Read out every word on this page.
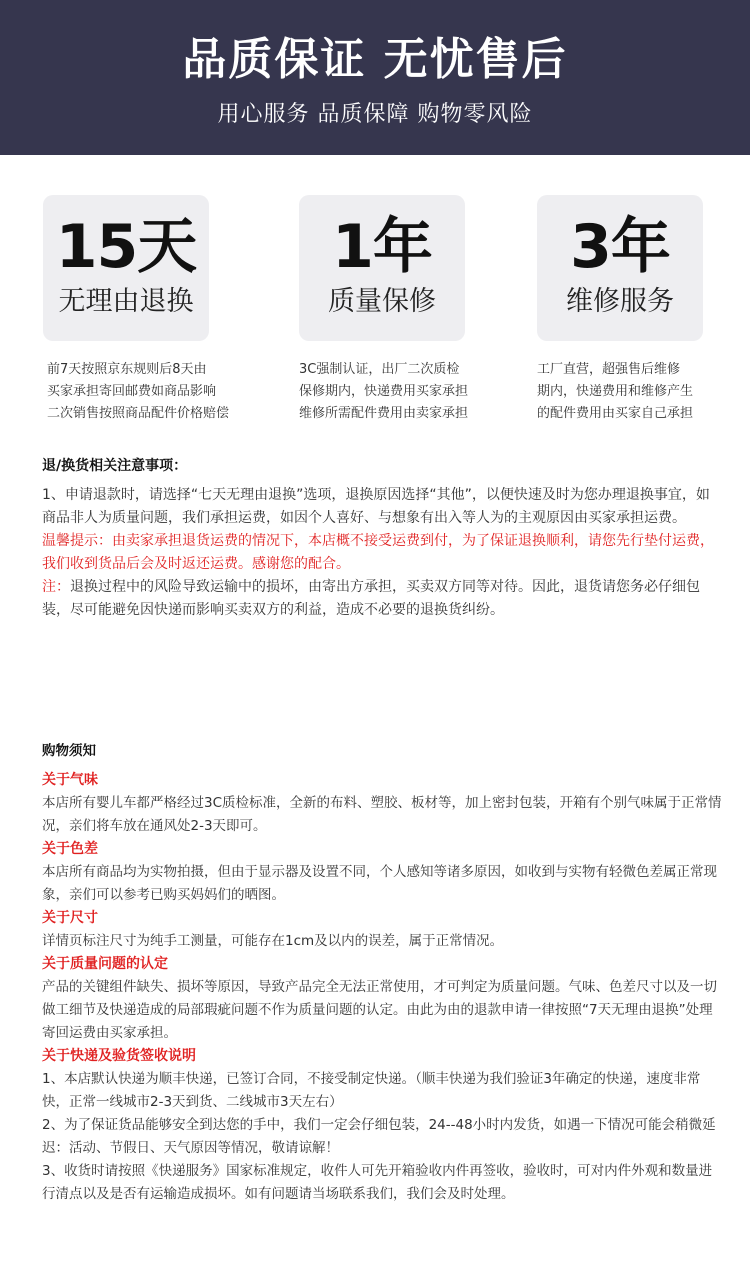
品质保证 无忧售后
用心服务 品质保障 购物零风险
15天
无理由退换
1年
质量保修
3年
维修服务
前7天按照京东规则后8天由
买家承担寄回邮费如商品影响
二次销售按照商品配件价格赔偿
3C强制认证，出厂二次质检
保修期内，快递费用买家承担
维修所需配件费用由卖家承担
工厂直营，超强售后维修
期内，快递费用和维修产生
的配件费用由买家自己承担
退/换货相关注意事项：

1、申请退款时，请选择“七天无理由退换”选项，退换原因选择“其他”，以便快速及时为您办理退换事宜，如商品非人为质量问题，我们承担运费，如因个人喜好、与想象有出入等人为的主观原因由买家承担运费。

温馨提示：由卖家承担退货运费的情况下，本店概不接受运费到付，为了保证退换顺利，请您先行垫付运费，我们收到货品后会及时返还运费。感谢您的配合。

注：退换过程中的风险导致运输中的损坏，由寄出方承担，买卖双方同等对待。因此，退货请您务必仔细包装，尽可能避免因快递而影响买卖双方的利益，造成不必要的退换货纠纷。

购物须知
关于气味

本店所有婴儿车都严格经过3C质检标准，全新的布料、塑胶、板材等，加上密封包装，开箱有个别气味属于正常情况，亲们将车放在通风处2-3天即可。

关于色差

本店所有商品均为实物拍摄，但由于显示器及设置不同，个人感知等诸多原因，如收到与实物有轻微色差属正常现象，亲们可以参考已购买妈妈们的晒图。

关于尺寸

详情页标注尺寸为纯手工测量，可能存在1cm及以内的误差，属于正常情况。

关于质量问题的认定

产品的关键组件缺失、损坏等原因，导致产品完全无法正常使用，才可判定为质量问题。气味、色差尺寸以及一切做工细节及快递造成的局部瑕疵问题不作为质量问题的认定。由此为由的退款申请一律按照“7天无理由退换”处理寄回运费由买家承担。

关于快递及验货签收说明

1、本店默认快递为顺丰快递，已签订合同，不接受制定快递。（顺丰快递为我们验证3年确定的快递，速度非常快，正常一线城市2-3天到货、二线城市3天左右）

2、为了保证货品能够安全到达您的手中，我们一定会仔细包装，24--48小时内发货，如遇一下情况可能会稍微延迟：活动、节假日、天气原因等情况，敬请谅解！

3、收货时请按照《快递服务》国家标准规定，收件人可先开箱验收内件再签收，验收时，可对内件外观和数量进行清点以及是否有运输造成损坏。如有问题请当场联系我们，我们会及时处理。
